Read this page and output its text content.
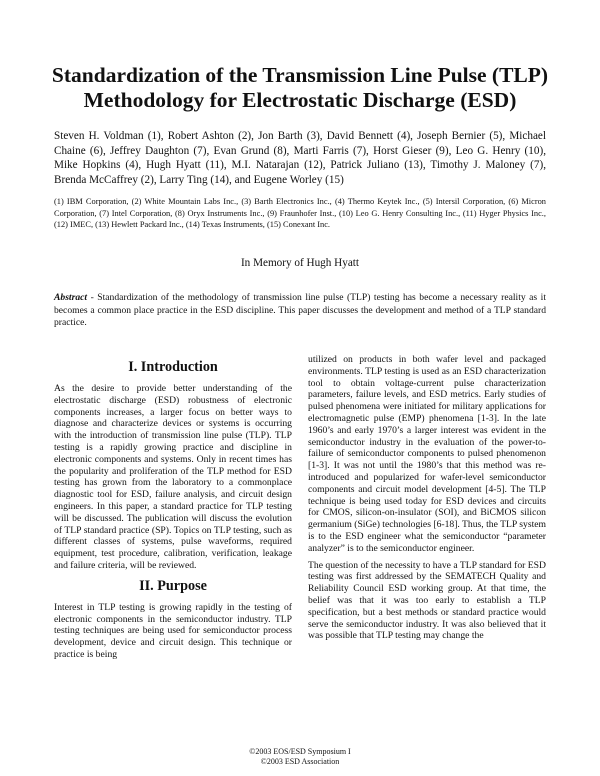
Standardization of the Transmission Line Pulse (TLP)
Methodology for Electrostatic Discharge (ESD)
Steven H. Voldman (1), Robert Ashton (2), Jon Barth (3), David Bennett (4), Joseph Bernier (5), Michael Chaine (6), Jeffrey Daughton (7), Evan Grund (8), Marti Farris (7), Horst Gieser (9), Leo G. Henry (10), Mike Hopkins (4), Hugh Hyatt (11), M.I. Natarajan (12), Patrick Juliano (13), Timothy J. Maloney (7), Brenda McCaffrey (2), Larry Ting (14), and Eugene Worley (15)
(1) IBM Corporation, (2) White Mountain Labs Inc., (3) Barth Electronics Inc., (4) Thermo Keytek Inc., (5) Intersil Corporation, (6) Micron Corporation, (7) Intel Corporation, (8) Oryx Instruments Inc., (9) Fraunhofer Inst., (10) Leo G. Henry Consulting Inc., (11) Hyger Physics Inc., (12) IMEC, (13) Hewlett Packard Inc., (14) Texas Instruments, (15) Conexant Inc.
In Memory of Hugh Hyatt
Abstract - Standardization of the methodology of transmission line pulse (TLP) testing has become a necessary reality as it becomes a common place practice in the ESD discipline. This paper discusses the development and method of a TLP standard practice.
I. Introduction

As the desire to provide better understanding of the electrostatic discharge (ESD) robustness of electronic components increases, a larger focus on better ways to diagnose and characterize devices or systems is occurring with the introduction of transmission line pulse (TLP). TLP testing is a rapidly growing practice and discipline in electronic components and systems. Only in recent times has the popularity and proliferation of the TLP method for ESD testing has grown from the laboratory to a commonplace diagnostic tool for ESD, failure analysis, and circuit design engineers. In this paper, a standard practice for TLP testing will be discussed. The publication will discuss the evolution of TLP standard practice (SP). Topics on TLP testing, such as different classes of systems, pulse waveforms, required equipment, test procedure, calibration, verification, leakage and failure criteria, will be reviewed.

II. Purpose

Interest in TLP testing is growing rapidly in the testing of electronic components in the semiconductor industry. TLP testing techniques are being used for semiconductor process development, device and circuit design. This technique or practice is being

utilized on products in both wafer level and packaged environments. TLP testing is used as an ESD characterization tool to obtain voltage-current pulse characterization parameters, failure levels, and ESD metrics. Early studies of pulsed phenomena were initiated for military applications for electromagnetic pulse (EMP) phenomena [1-3]. In the late 1960’s and early 1970’s a larger interest was evident in the semiconductor industry in the evaluation of the power-to-failure of semiconductor components to pulsed phenomenon [1-3]. It was not until the 1980’s that this method was re-introduced and popularized for wafer-level semiconductor components and circuit model development [4-5]. The TLP technique is being used today for ESD devices and circuits for CMOS, silicon-on-insulator (SOI), and BiCMOS silicon germanium (SiGe) technologies [6-18]. Thus, the TLP system is to the ESD engineer what the semiconductor “parameter analyzer” is to the semiconductor engineer.

The question of the necessity to have a TLP standard for ESD testing was first addressed by the SEMATECH Quality and Reliability Council ESD working group. At that time, the belief was that it was too early to establish a TLP specification, but a best methods or standard practice would serve the semiconductor industry. It was also believed that it was possible that TLP testing may change the

©2003 EOS/ESD Symposium I
©2003 ESD Association
